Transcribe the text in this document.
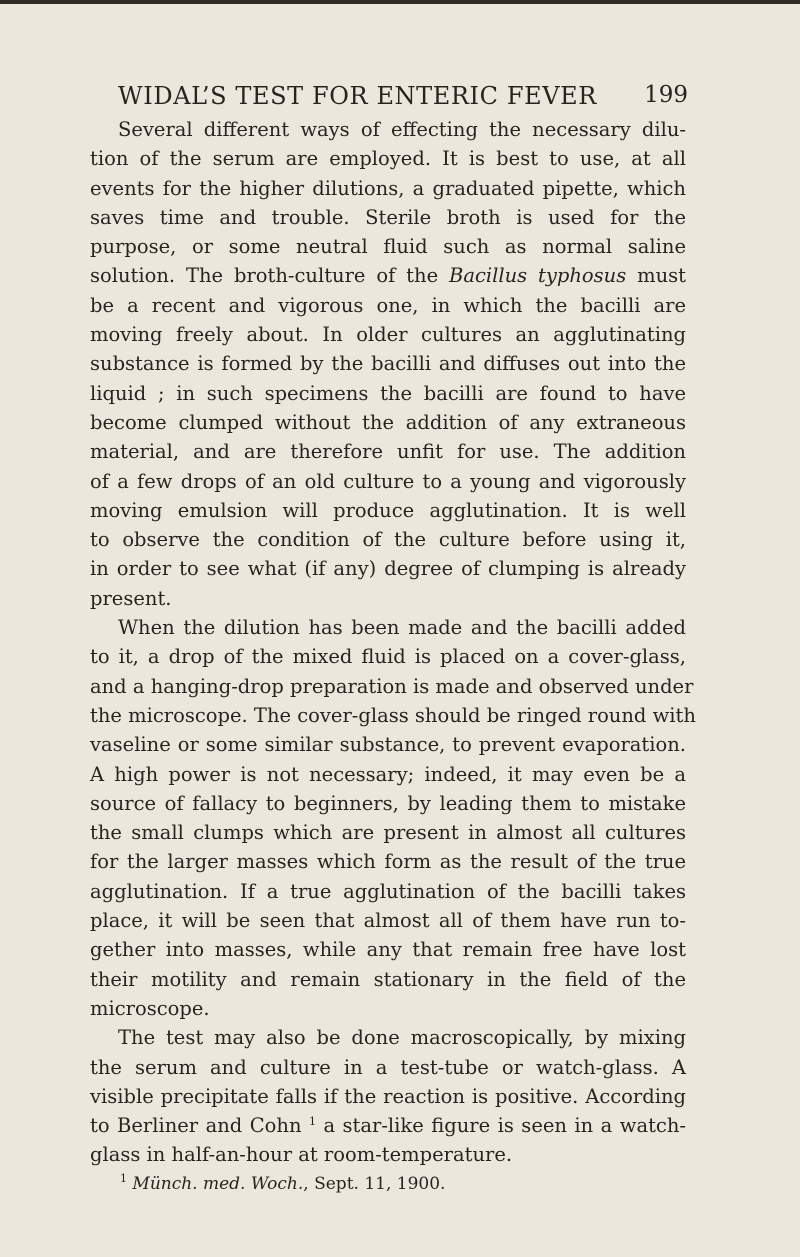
WIDAL’S TEST FOR ENTERIC FEVER 199
Several different ways of effecting the necessary dilu-
tion of the serum are employed. It is best to use, at all
events for the higher dilutions, a graduated pipette, which
saves time and trouble. Sterile broth is used for the
purpose, or some neutral fluid such as normal saline
solution. The broth-culture of the Bacillus typhosus must
be a recent and vigorous one, in which the bacilli are
moving freely about. In older cultures an agglutinating
substance is formed by the bacilli and diffuses out into the
liquid ; in such specimens the bacilli are found to have
become clumped without the addition of any extraneous
material, and are therefore unfit for use. The addition
of a few drops of an old culture to a young and vigorously
moving emulsion will produce agglutination. It is well
to observe the condition of the culture before using it,
in order to see what (if any) degree of clumping is already
present.
When the dilution has been made and the bacilli added
to it, a drop of the mixed fluid is placed on a cover-glass,
and a hanging-drop preparation is made and observed under
the microscope. The cover-glass should be ringed round with
vaseline or some similar substance, to prevent evaporation.
A high power is not necessary; indeed, it may even be a
source of fallacy to beginners, by leading them to mistake
the small clumps which are present in almost all cultures
for the larger masses which form as the result of the true
agglutination. If a true agglutination of the bacilli takes
place, it will be seen that almost all of them have run to-
gether into masses, while any that remain free have lost
their motility and remain stationary in the field of the
microscope.
The test may also be done macroscopically, by mixing
the serum and culture in a test-tube or watch-glass. A
visible precipitate falls if the reaction is positive. According
to Berliner and Cohn $^1$ a star-like figure is seen in a watch-
glass in half-an-hour at room-temperature.
$^1$ Münch. med. Woch., Sept. 11, 1900.
